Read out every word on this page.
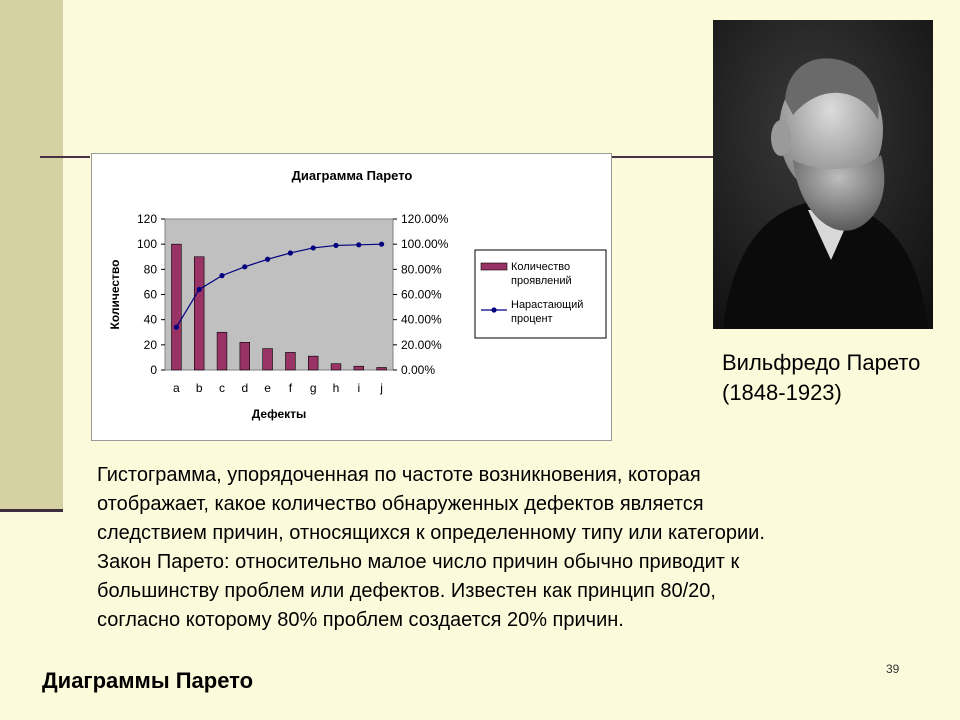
Диаграмма Парето
0
20
40
60
80
100
120
0.00%
20.00%
40.00%
60.00%
80.00%
100.00%
120.00%
Количество
a b c d e f g h i j
Дефекты
Количество
проявлений
Нарастающий
процент
Вильфредо Парето
(1848-1923)
Гистограмма, упорядоченная по частоте возникновения, которая
отображает, какое количество обнаруженных дефектов является
следствием причин, относящихся к определенному типу или категории.
Закон Парето: относительно малое число причин обычно приводит к
большинству проблем или дефектов. Известен как принцип 80/20,
согласно которому 80% проблем создается 20% причин.
Диаграммы Парето	39
